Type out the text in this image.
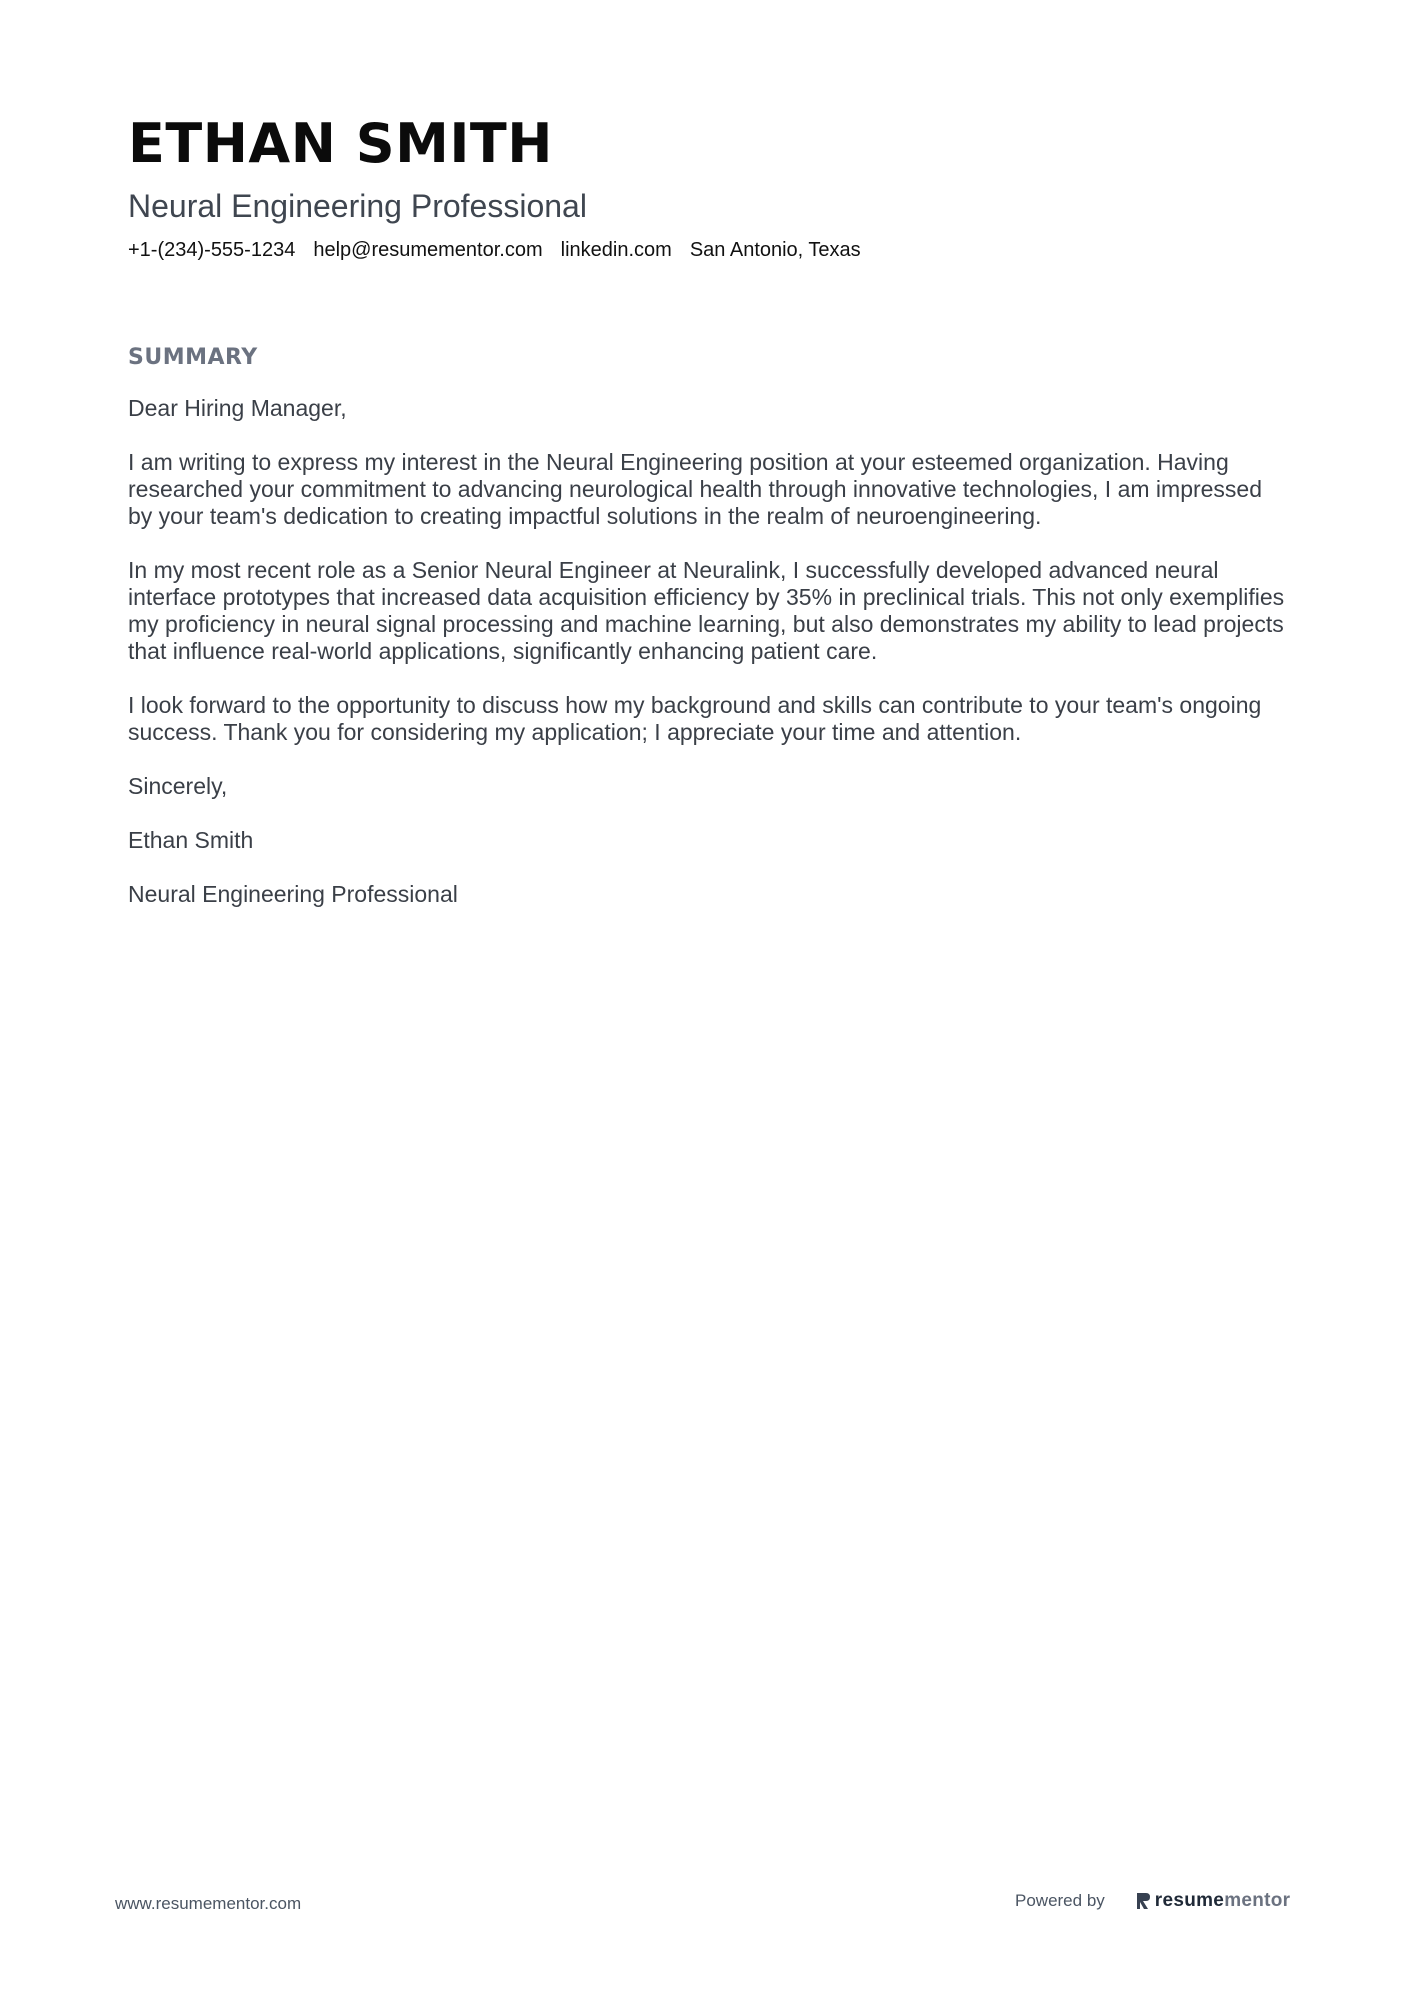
ETHAN SMITH
Neural Engineering Professional
+1-(234)-555-1234 help@resumementor.com linkedin.com San Antonio, Texas
SUMMARY

Dear Hiring Manager,

I am writing to express my interest in the Neural Engineering position at your esteemed organization. Having researched your commitment to advancing neurological health through innovative technologies, I am impressed by your team's dedication to creating impactful solutions in the realm of neuroengineering.

In my most recent role as a Senior Neural Engineer at Neuralink, I successfully developed advanced neural interface prototypes that increased data acquisition efficiency by 35% in preclinical trials. This not only exemplifies my proficiency in neural signal processing and machine learning, but also demonstrates my ability to lead projects that influence real-world applications, significantly enhancing patient care.

I look forward to the opportunity to discuss how my background and skills can contribute to your team's ongoing success. Thank you for considering my application; I appreciate your time and attention.

Sincerely,

Ethan Smith

Neural Engineering Professional

www.resumementor.com	Powered by	resume mentor
